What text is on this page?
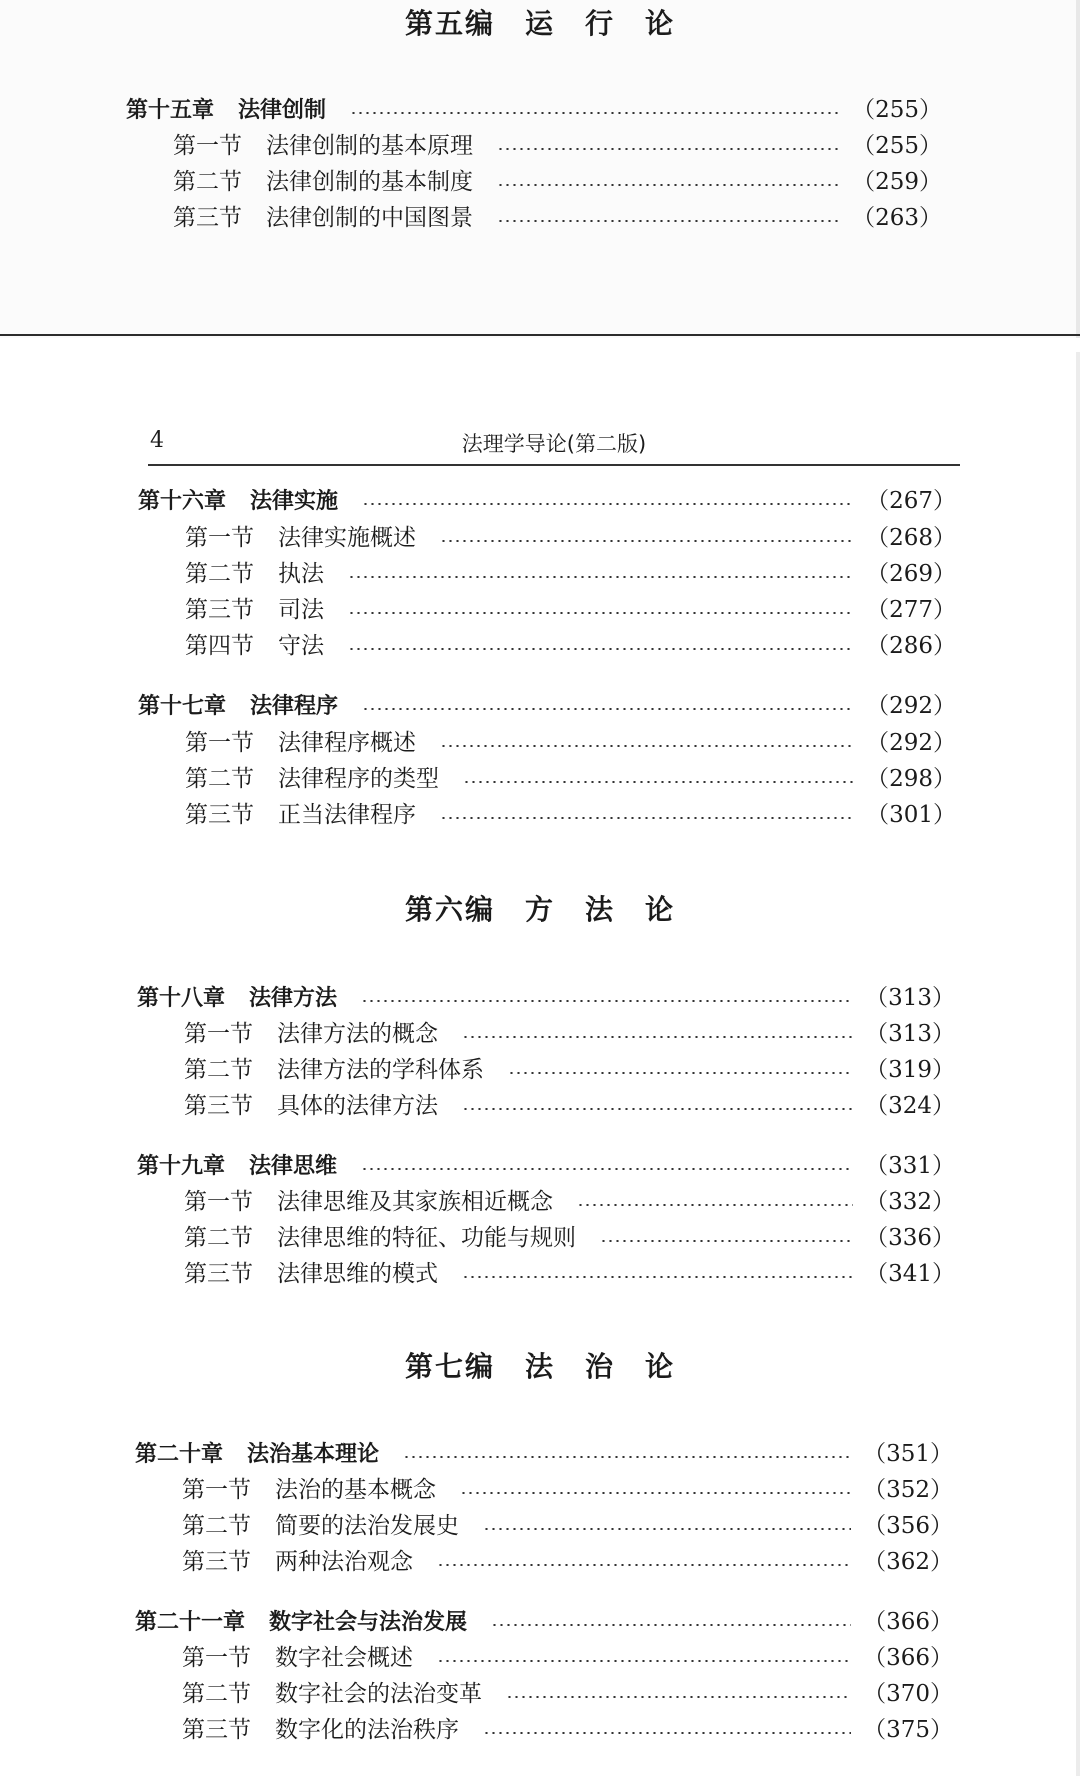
第五编　运　行　论
第十五章 法律创制	（255）
第一节 法律创制的基本原理	（255）
第二节 法律创制的基本制度	（259）
第三节 法律创制的中国图景	（263）
4	法理学导论(第二版)
第十六章 法律实施	（267）
第一节 法律实施概述	（268）
第二节 执法	（269）
第三节 司法	（277）
第四节 守法	（286）
第十七章 法律程序	（292）
第一节 法律程序概述	（292）
第二节 法律程序的类型	（298）
第三节 正当法律程序	（301）
第六编　方　法　论
第十八章 法律方法	（313）
第一节 法律方法的概念	（313）
第二节 法律方法的学科体系	（319）
第三节 具体的法律方法	（324）
第十九章 法律思维	（331）
第一节 法律思维及其家族相近概念	（332）
第二节 法律思维的特征、功能与规则	（336）
第三节 法律思维的模式	（341）
第七编　法　治　论
第二十章 法治基本理论	（351）
第一节 法治的基本概念	（352）
第二节 简要的法治发展史	（356）
第三节 两种法治观念	（362）
第二十一章 数字社会与法治发展	（366）
第一节 数字社会概述	（366）
第二节 数字社会的法治变革	（370）
第三节 数字化的法治秩序	（375）
